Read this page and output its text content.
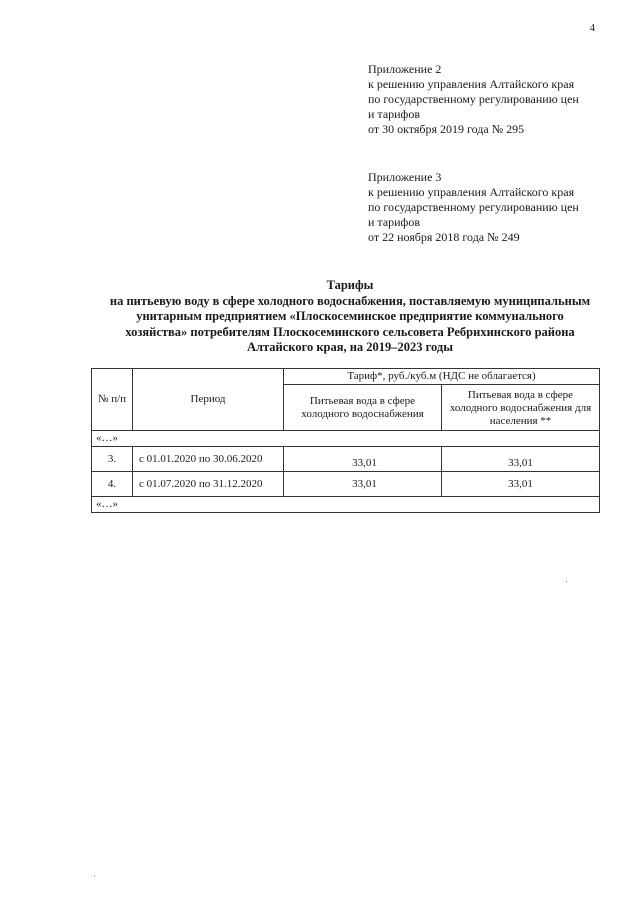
4
Приложение 2
к решению управления Алтайского края
по государственному регулированию цен
и тарифов
от 30 октября 2019 года № 295
Приложение 3
к решению управления Алтайского края
по государственному регулированию цен
и тарифов
от 22 ноября 2018 года № 249
Тарифы
на питьевую воду в сфере холодного водоснабжения, поставляемую муниципальным
унитарным предприятием «Плоскосеминское предприятие коммунального
хозяйства» потребителям Плоскосеминского сельсовета Ребрихинского района
Алтайского края, на 2019–2023 годы
№ п/п	Период	Тариф*, руб./куб.м (НДС не облагается)	
		Питьевая вода в сфере холодного водоснабжения	Питьевая вода в сфере холодного водоснабжения для населения **
«…»			
3.	с 01.01.2020 по 30.06.2020	33,01	33,01
4.	с 01.07.2020 по 31.12.2020	33,01	33,01
«…»			
